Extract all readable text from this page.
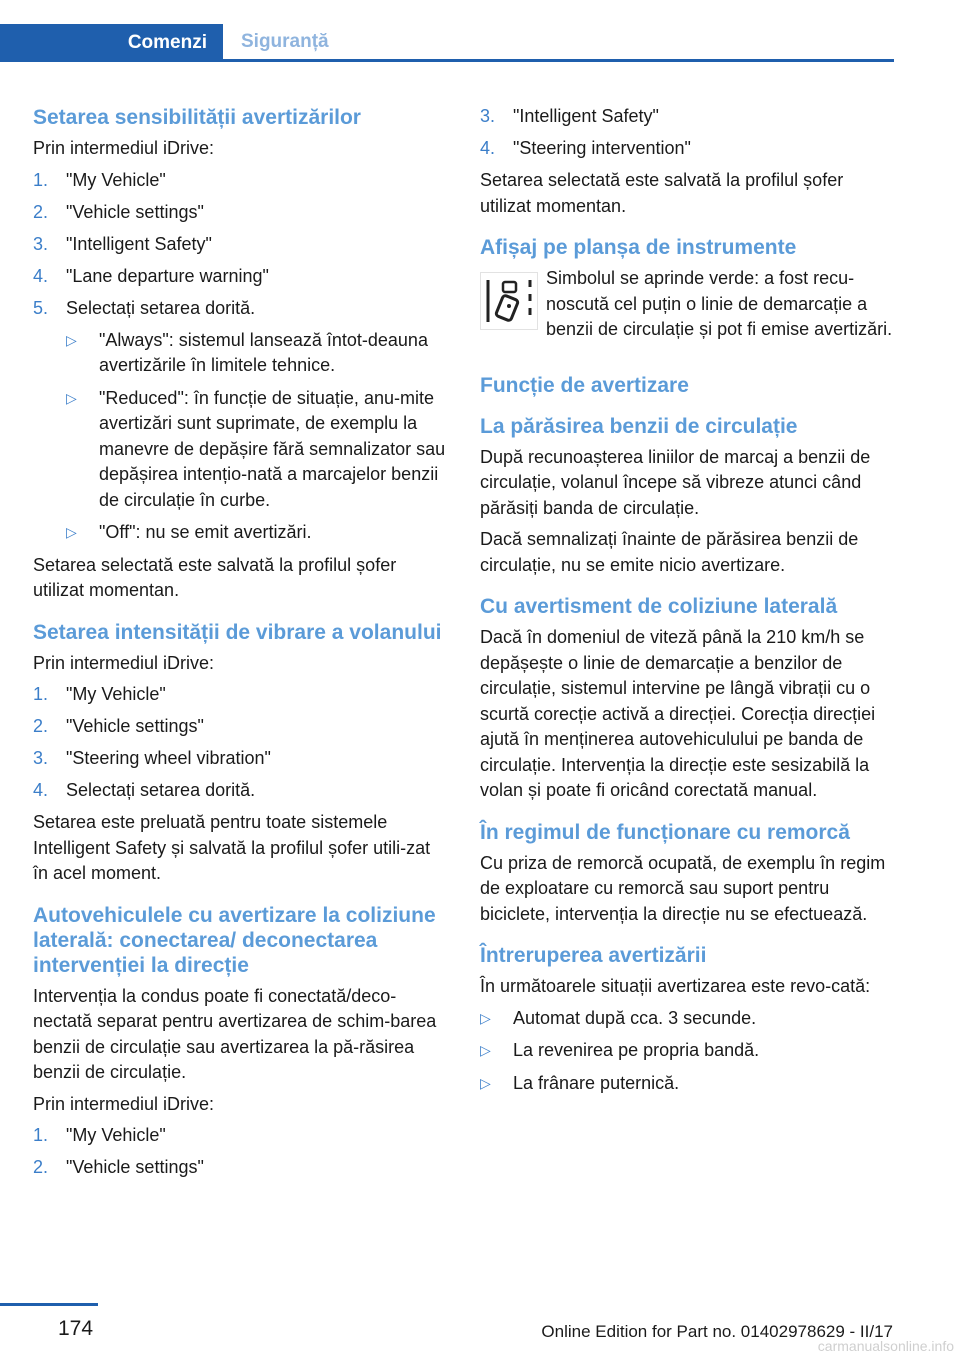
Comenzi	Siguranță
Setarea sensibilității avertizărilor

Prin intermediul iDrive:

1. "My Vehicle"
2. "Vehicle settings"
3. "Intelligent Safety"
4. "Lane departure warning"
5. Selectați setarea dorită.
▷	"Always": sistemul lansează întot‐deauna avertizările în limitele tehnice.
▷	"Reduced": în funcție de situație, anu‐mite avertizări sunt suprimate, de exemplu la manevre de depășire fără semnalizator sau depășirea intențio‐nată a marcajelor benzii de circulație în curbe.
▷	"Off": nu se emit avertizări.

Setarea selectată este salvată la profilul șofer utilizat momentan.

Setarea intensității de vibrare a volanului

Prin intermediul iDrive:

1. "My Vehicle"
2. "Vehicle settings"
3. "Steering wheel vibration"
4. Selectați setarea dorită.

Setarea este preluată pentru toate sistemele Intelligent Safety și salvată la profilul șofer utili‐zat în acel moment.

Autovehiculele cu avertizare la coliziune laterală: conectarea/ deconectarea intervenției la direcție

Intervenția la condus poate fi conectată/deco‐nectată separat pentru avertizarea de schim‐barea benzii de circulație sau avertizarea la pă‐răsirea benzii de circulație.

Prin intermediul iDrive:

1. "My Vehicle"
2. "Vehicle settings"
3. "Intelligent Safety"
4. "Steering intervention"

Setarea selectată este salvată la profilul șofer utilizat momentan.

Afișaj pe planșa de instrumente

Simbolul se aprinde verde: a fost recu‐noscută cel puțin o linie de demarcație a benzii de circulație și pot fi emise avertizări.

Funcție de avertizare
La părăsirea benzii de circulație

După recunoașterea liniilor de marcaj a benzii de circulație, volanul începe să vibreze atunci când părăsiți banda de circulație.

Dacă semnalizați înainte de părăsirea benzii de circulație, nu se emite nicio avertizare.

Cu avertisment de coliziune laterală

Dacă în domeniul de viteză până la 210 km/h se depășește o linie de demarcație a benzilor de circulație, sistemul intervine pe lângă vibrații cu o scurtă corecție activă a direcției. Corecția direcției ajută în menținerea autovehiculului pe banda de circulație. Intervenția la direcție este sesizabilă la volan și poate fi oricând corectată manual.

În regimul de funcționare cu remorcă

Cu priza de remorcă ocupată, de exemplu în regim de exploatare cu remorcă sau suport pentru biciclete, intervenția la direcție nu se efectuează.

Întreruperea avertizării

În următoarele situații avertizarea este revo‐cată:

▷	Automat după cca. 3 secunde.
▷	La revenirea pe propria bandă.
▷	La frânare puternică.
174	Online Edition for Part no. 01402978629 - II/17
carmanualsonline.info
